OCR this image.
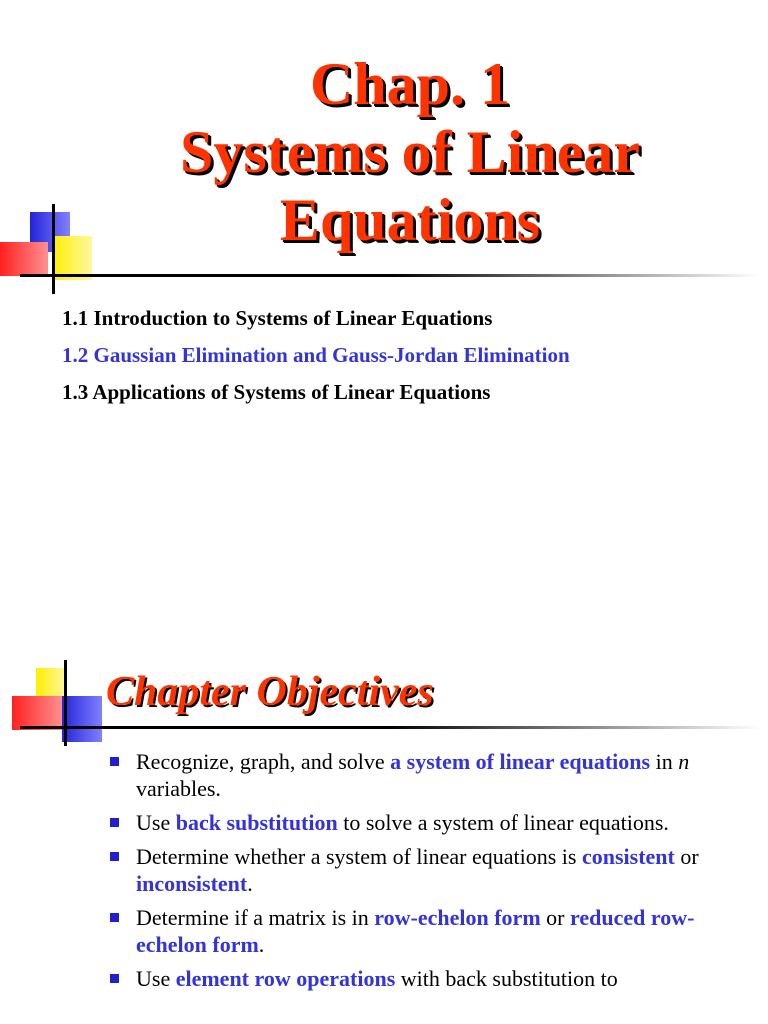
Chap. 1
Systems of Linear
Equations
1.1 Introduction to Systems of Linear Equations
1.2 Gaussian Elimination and Gauss-Jordan Elimination
1.3 Applications of Systems of Linear Equations
Chapter Objectives
Recognize, graph, and solve a system of linear equations in n variables.
Use back substitution to solve a system of linear equations.
Determine whether a system of linear equations is consistent or inconsistent.
Determine if a matrix is in row-echelon form or reduced row-echelon form.
Use element row operations with back substitution to
